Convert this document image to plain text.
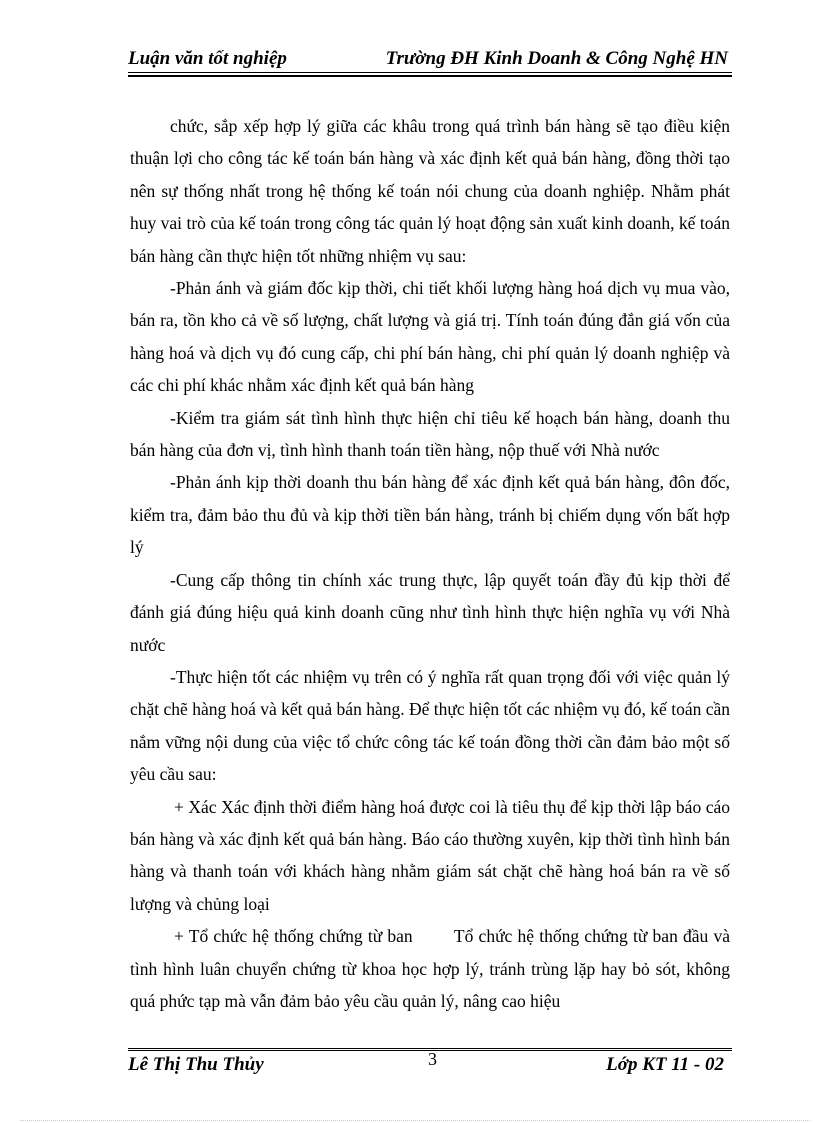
Luận văn tốt nghiệp	Trường ĐH Kinh Doanh & Công Nghệ HN

chức, sắp xếp hợp lý giữa các khâu trong quá trình bán hàng sẽ tạo điều kiện thuận lợi cho công tác kế toán bán hàng và xác định kết quả bán hàng, đồng thời tạo nên sự thống nhất trong hệ thống kế toán nói chung của doanh nghiệp. Nhằm phát huy vai trò của kế toán trong công tác quản lý hoạt động sản xuất kinh doanh, kế toán bán hàng cần thực hiện tốt những nhiệm vụ sau:

-Phản ánh và giám đốc kịp thời, chi tiết khối lượng hàng hoá dịch vụ mua vào, bán ra, tồn kho cả về số lượng, chất lượng và giá trị. Tính toán đúng đắn giá vốn của hàng hoá và dịch vụ đó cung cấp, chi phí bán hàng, chi phí quản lý doanh nghiệp và các chi phí khác nhằm xác định kết quả bán hàng

-Kiểm tra giám sát tình hình thực hiện chỉ tiêu kế hoạch bán hàng, doanh thu bán hàng của đơn vị, tình hình thanh toán tiền hàng, nộp thuế với Nhà nước

-Phản ánh kịp thời doanh thu bán hàng để xác định kết quả bán hàng, đôn đốc, kiểm tra, đảm bảo thu đủ và kịp thời tiền bán hàng, tránh bị chiếm dụng vốn bất hợp lý

-Cung cấp thông tin chính xác trung thực, lập quyết toán đầy đủ kịp thời để đánh giá đúng hiệu quả kinh doanh cũng như tình hình thực hiện nghĩa vụ với Nhà nước

-Thực hiện tốt các nhiệm vụ trên có ý nghĩa rất quan trọng đối với việc quản lý chặt chẽ hàng hoá và kết quả bán hàng. Để thực hiện tốt các nhiệm vụ đó, kế toán cần nắm vững nội dung của việc tổ chức công tác kế toán đồng thời cần đảm bảo một số yêu cầu sau:

+ Xác Xác định thời điểm hàng hoá được coi là tiêu thụ để kịp thời lập báo cáo bán hàng và xác định kết quả bán hàng. Báo cáo thường xuyên, kịp thời tình hình bán hàng và thanh toán với khách hàng nhằm giám sát chặt chẽ hàng hoá bán ra về số lượng và chủng loại

+ Tổ chức hệ thống chứng từ ban        Tổ chức hệ thống chứng từ ban đầu và tình hình luân chuyển chứng từ khoa học hợp lý, tránh trùng lặp hay bỏ sót, không quá phức tạp mà vẫn đảm bảo yêu cầu quản lý, nâng cao hiệu

Lê Thị Thu Thủy	3	Lớp KT 11 - 02
